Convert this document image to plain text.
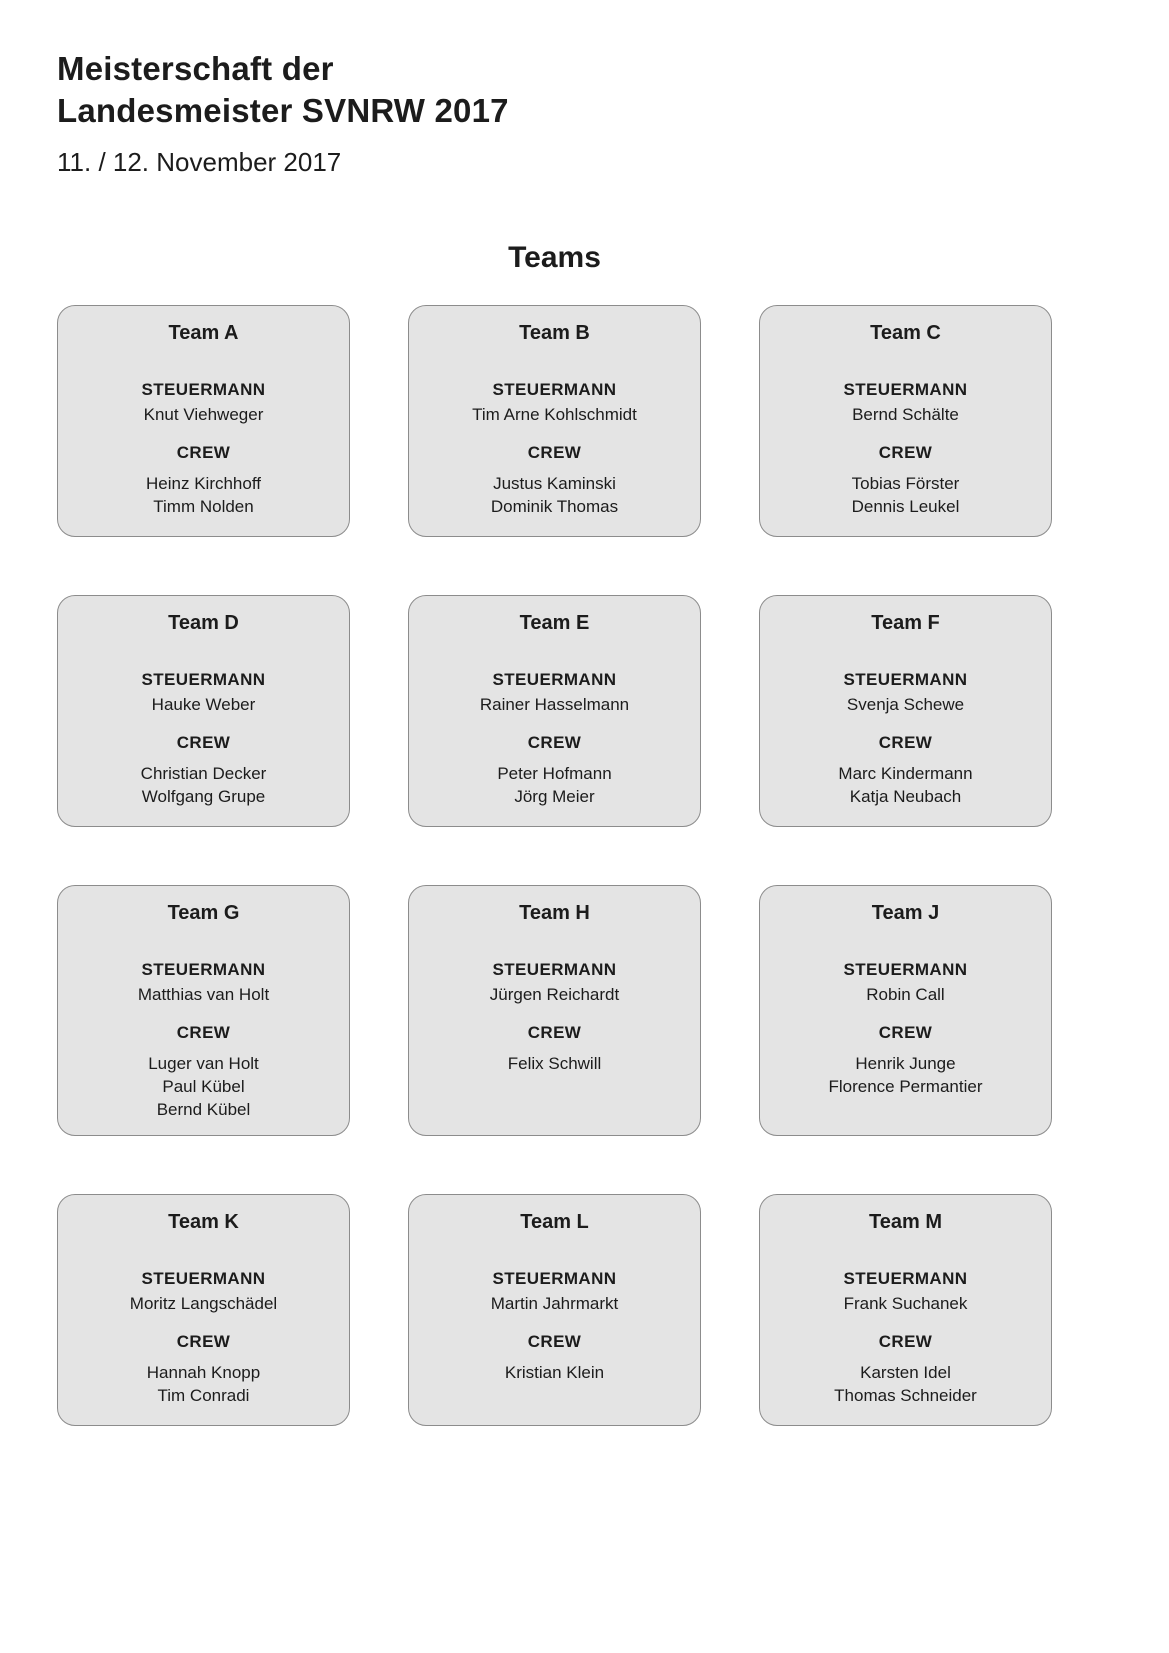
Meisterschaft der
Landesmeister SVNRW 2017
11. / 12. November 2017
Teams
Team A
STEUERMANN
Knut Viehweger
CREW
Heinz Kirchhoff
Timm Nolden
Team B
STEUERMANN
Tim Arne Kohlschmidt
CREW
Justus Kaminski
Dominik Thomas
Team C
STEUERMANN
Bernd Schälte
CREW
Tobias Förster
Dennis Leukel
Team D
STEUERMANN
Hauke Weber
CREW
Christian Decker
Wolfgang Grupe
Team E
STEUERMANN
Rainer Hasselmann
CREW
Peter Hofmann
Jörg Meier
Team F
STEUERMANN
Svenja Schewe
CREW
Marc Kindermann
Katja Neubach
Team G
STEUERMANN
Matthias van Holt
CREW
Luger van Holt
Paul Kübel
Bernd Kübel
Team H
STEUERMANN
Jürgen Reichardt
CREW
Felix Schwill
Team J
STEUERMANN
Robin Call
CREW
Henrik Junge
Florence Permantier
Team K
STEUERMANN
Moritz Langschädel
CREW
Hannah Knopp
Tim Conradi
Team L
STEUERMANN
Martin Jahrmarkt
CREW
Kristian Klein
Team M
STEUERMANN
Frank Suchanek
CREW
Karsten Idel
Thomas Schneider
